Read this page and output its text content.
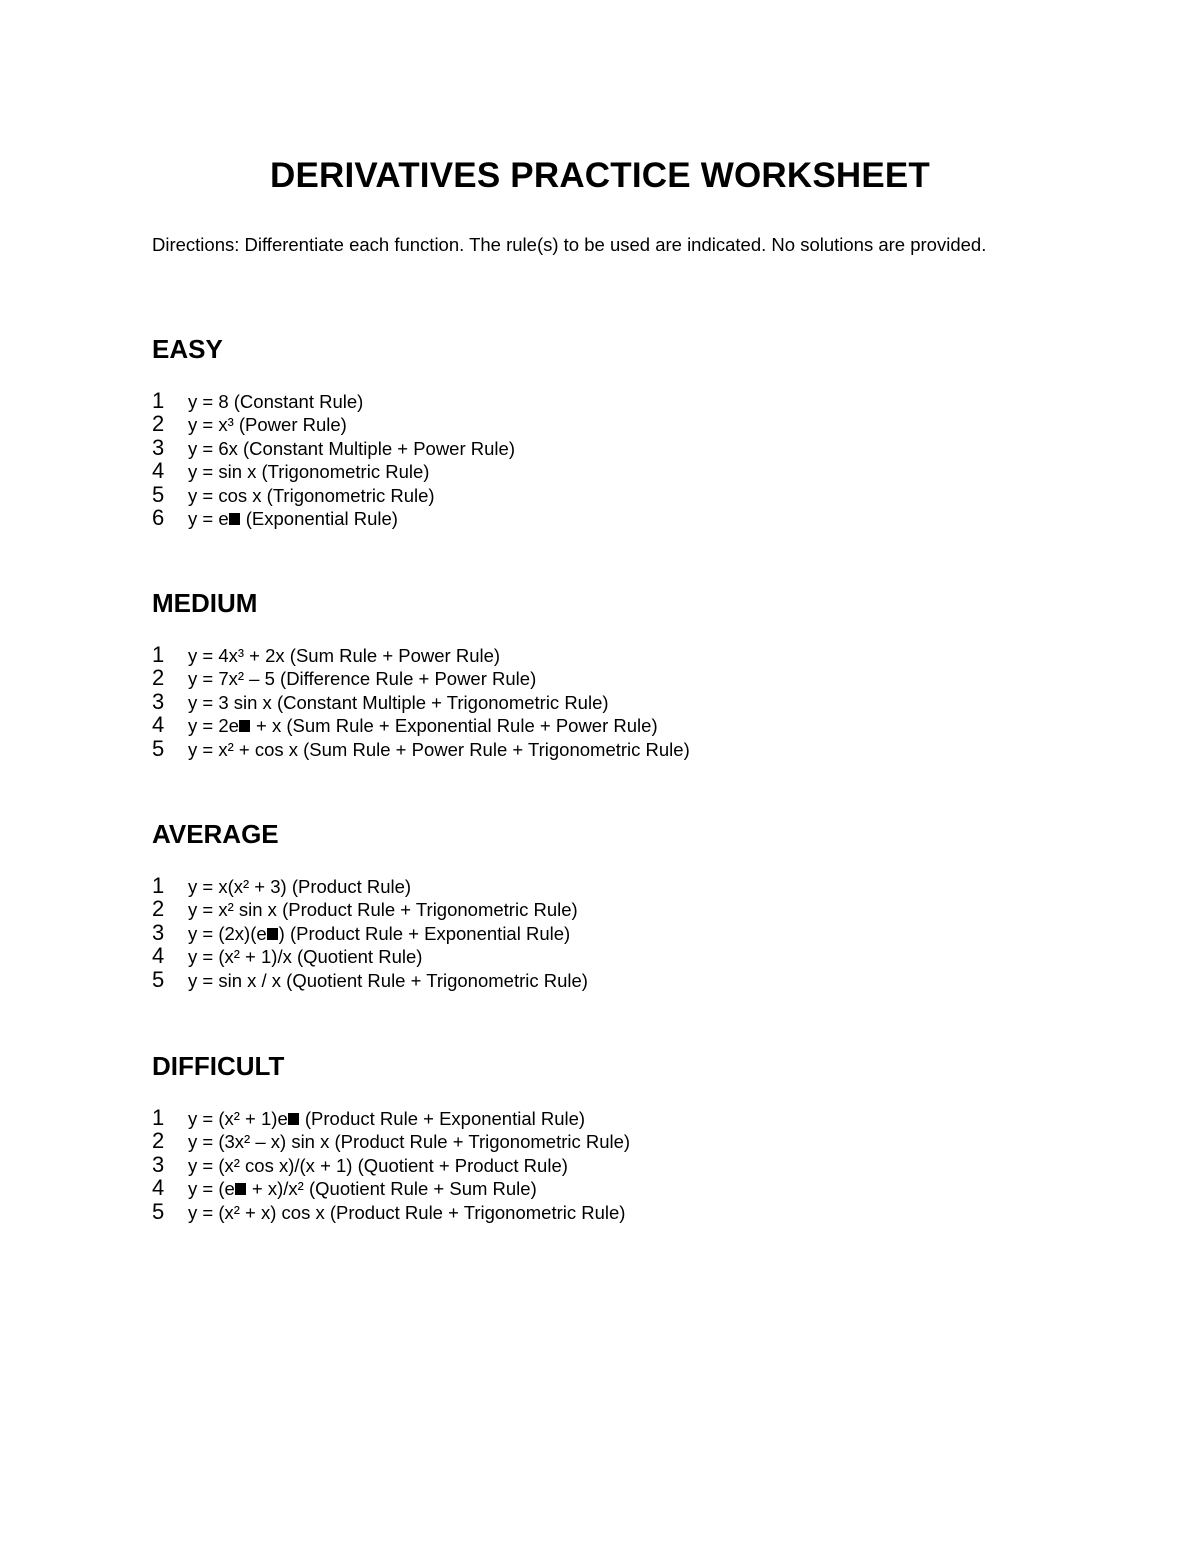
DERIVATIVES PRACTICE WORKSHEET
Directions: Differentiate each function. The rule(s) to be used are indicated. No solutions are provided.
EASY
1	y = 8 (Constant Rule)
2	y = x³ (Power Rule)
3	y = 6x (Constant Multiple + Power Rule)
4	y = sin x (Trigonometric Rule)
5	y = cos x (Trigonometric Rule)
6	y = e (Exponential Rule)
MEDIUM
1	y = 4x³ + 2x (Sum Rule + Power Rule)
2	y = 7x² – 5 (Difference Rule + Power Rule)
3	y = 3 sin x (Constant Multiple + Trigonometric Rule)
4	y = 2e + x (Sum Rule + Exponential Rule + Power Rule)
5	y = x² + cos x (Sum Rule + Power Rule + Trigonometric Rule)
AVERAGE
1	y = x(x² + 3) (Product Rule)
2	y = x² sin x (Product Rule + Trigonometric Rule)
3	y = (2x)(e ) (Product Rule + Exponential Rule)
4	y = (x² + 1)/x (Quotient Rule)
5	y = sin x / x (Quotient Rule + Trigonometric Rule)
DIFFICULT
1	y = (x² + 1)e (Product Rule + Exponential Rule)
2	y = (3x² – x) sin x (Product Rule + Trigonometric Rule)
3	y = (x² cos x)/(x + 1) (Quotient + Product Rule)
4	y = (e + x)/x² (Quotient Rule + Sum Rule)
5	y = (x² + x) cos x (Product Rule + Trigonometric Rule)
